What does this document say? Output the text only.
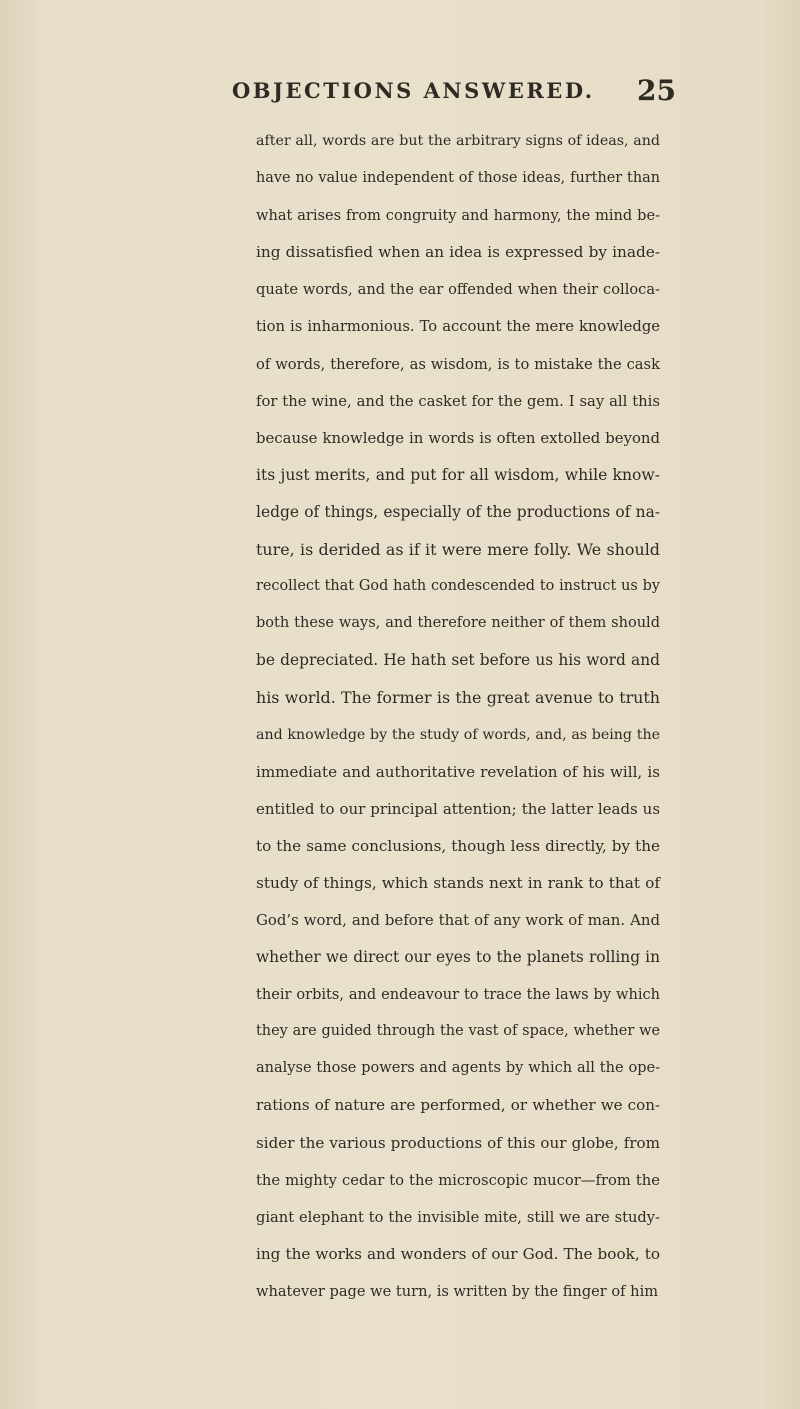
OBJECTIONS ANSWERED. 25
after all, words are but the arbitrary signs of ideas, and
have no value independent of those ideas, further than
what arises from congruity and harmony, the mind be-
ing dissatisfied when an idea is expressed by inade-
quate words, and the ear offended when their colloca-
tion is inharmonious. To account the mere knowledge
of words, therefore, as wisdom, is to mistake the cask
for the wine, and the casket for the gem. I say all this
because knowledge in words is often extolled beyond
its just merits, and put for all wisdom, while know-
ledge of things, especially of the productions of na-
ture, is derided as if it were mere folly. We should
recollect that God hath condescended to instruct us by
both these ways, and therefore neither of them should
be depreciated. He hath set before us his word and
his world. The former is the great avenue to truth
and knowledge by the study of words, and, as being the
immediate and authoritative revelation of his will, is
entitled to our principal attention; the latter leads us
to the same conclusions, though less directly, by the
study of things, which stands next in rank to that of
God’s word, and before that of any work of man. And
whether we direct our eyes to the planets rolling in
their orbits, and endeavour to trace the laws by which
they are guided through the vast of space, whether we
analyse those powers and agents by which all the ope-
rations of nature are performed, or whether we con-
sider the various productions of this our globe, from
the mighty cedar to the microscopic mucor—from the
giant elephant to the invisible mite, still we are study-
ing the works and wonders of our God. The book, to
whatever page we turn, is written by the finger of him
